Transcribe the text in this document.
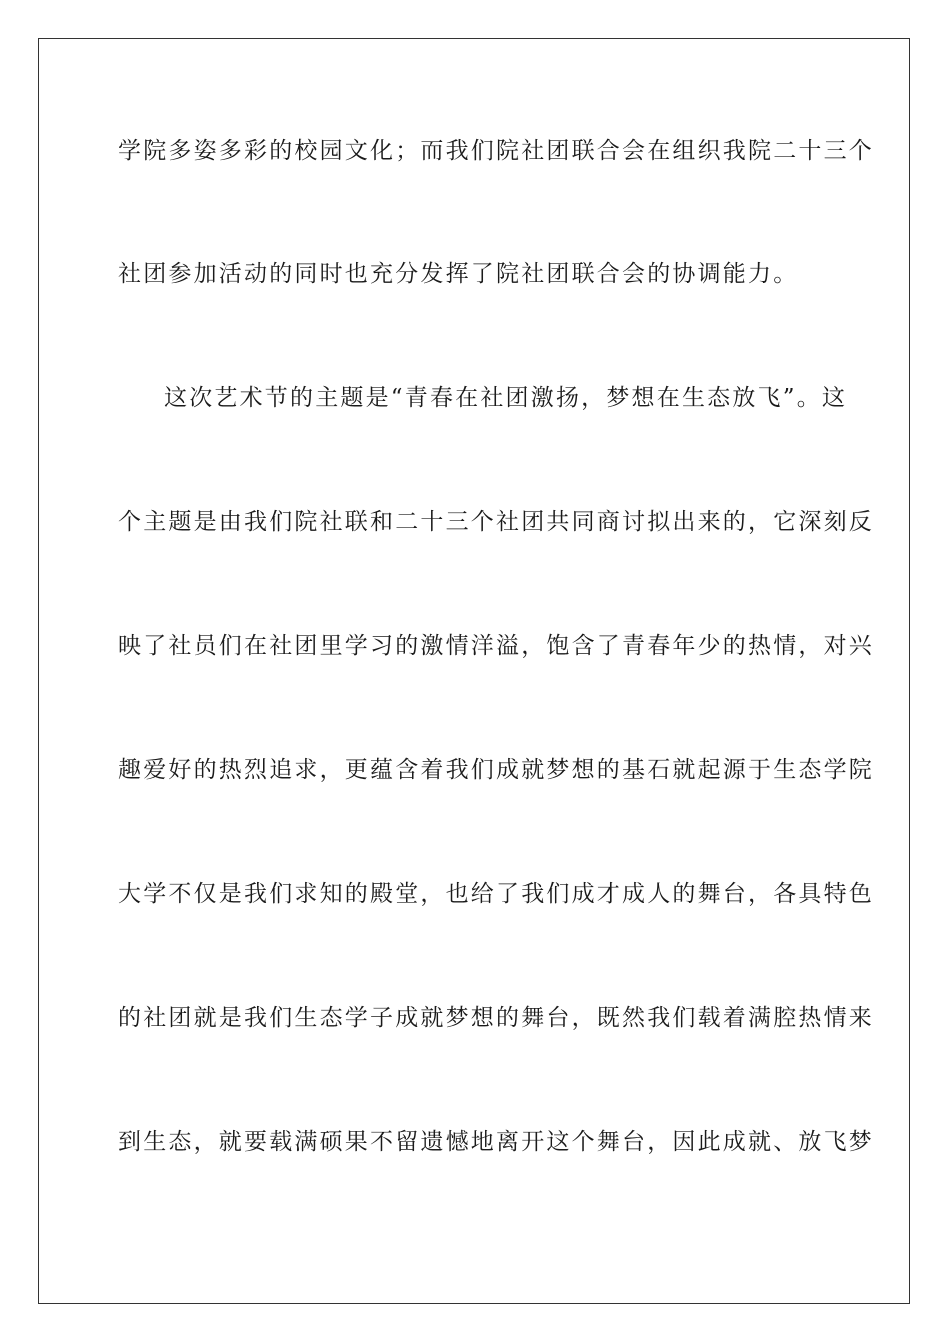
学院多姿多彩的校园文化；而我们院社团联合会在组织我院二十三个
社团参加活动的同时也充分发挥了院社团联合会的协调能力。
这次艺术节的主题是“青春在社团激扬，梦想在生态放飞”。这
个主题是由我们院社联和二十三个社团共同商讨拟出来的，它深刻反
映了社员们在社团里学习的激情洋溢，饱含了青春年少的热情，对兴
趣爱好的热烈追求，更蕴含着我们成就梦想的基石就起源于生态学院
大学不仅是我们求知的殿堂，也给了我们成才成人的舞台，各具特色
的社团就是我们生态学子成就梦想的舞台，既然我们载着满腔热情来
到生态，就要载满硕果不留遗憾地离开这个舞台，因此成就、放飞梦
